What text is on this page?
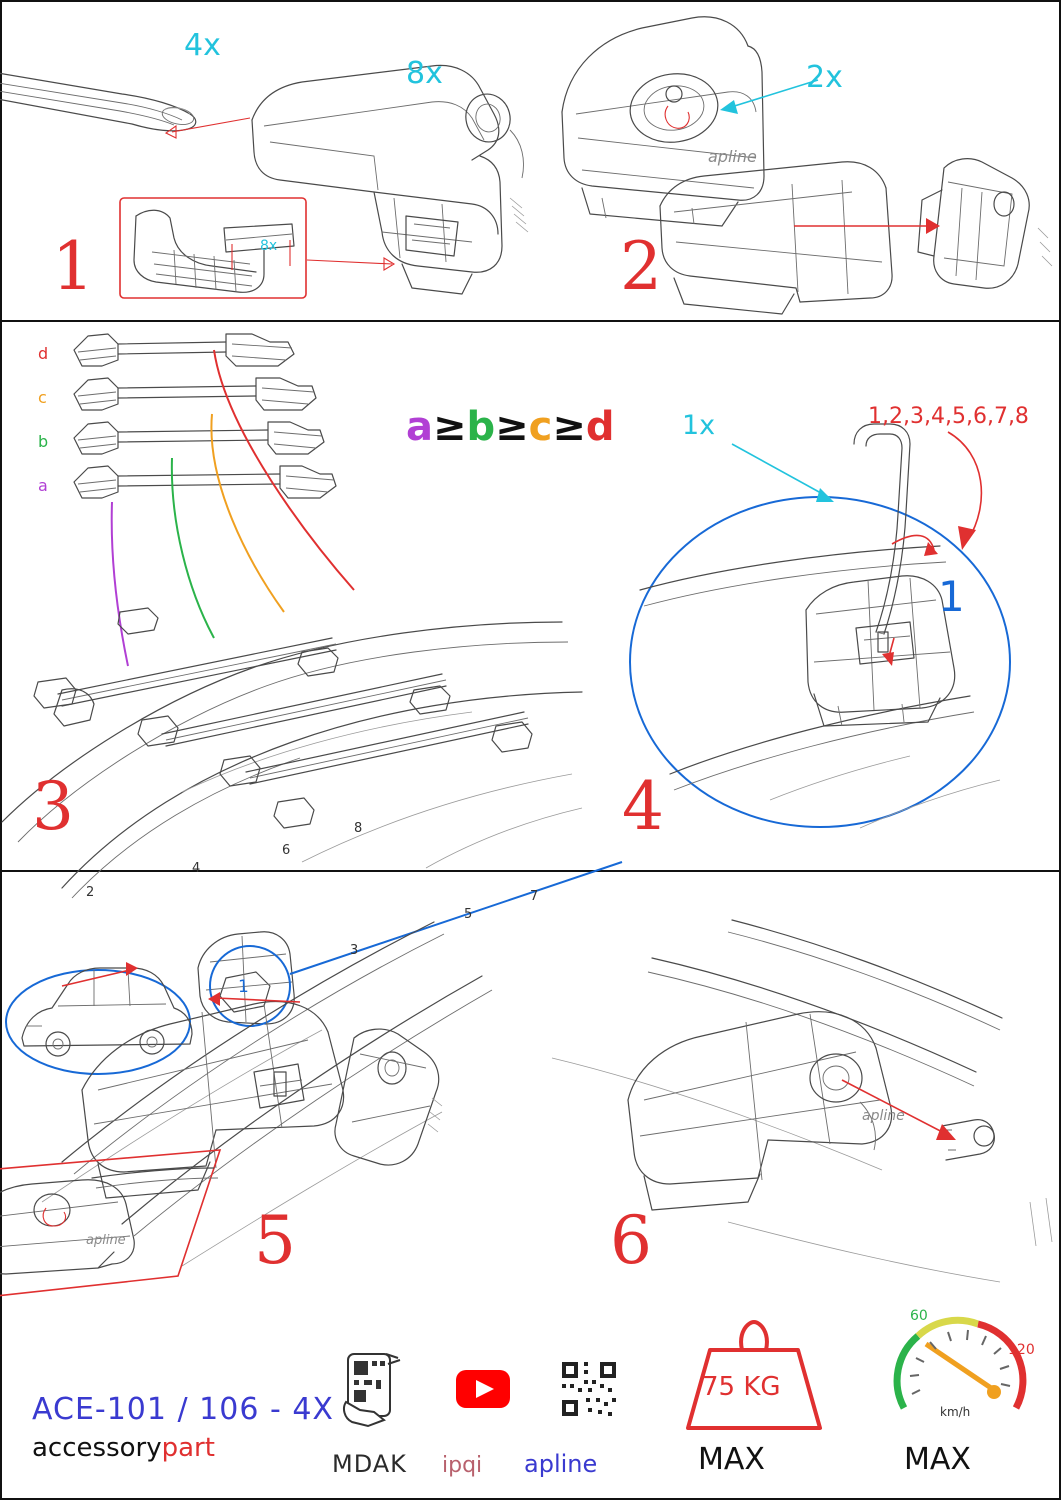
4x
8x
8x
1
apline
2x
2
1
2
3
4
5
6
7
8
d
c
b
a
a≥b≥c≥d
3
1x	1,2,3,4,5,6,7,8
1
4
apline 5
apline
6
ACE-101 / 106 - 4X
accessorypart
MDAK	ipqi	apline
75 KG
MAX
60
120
km/h
MAX
